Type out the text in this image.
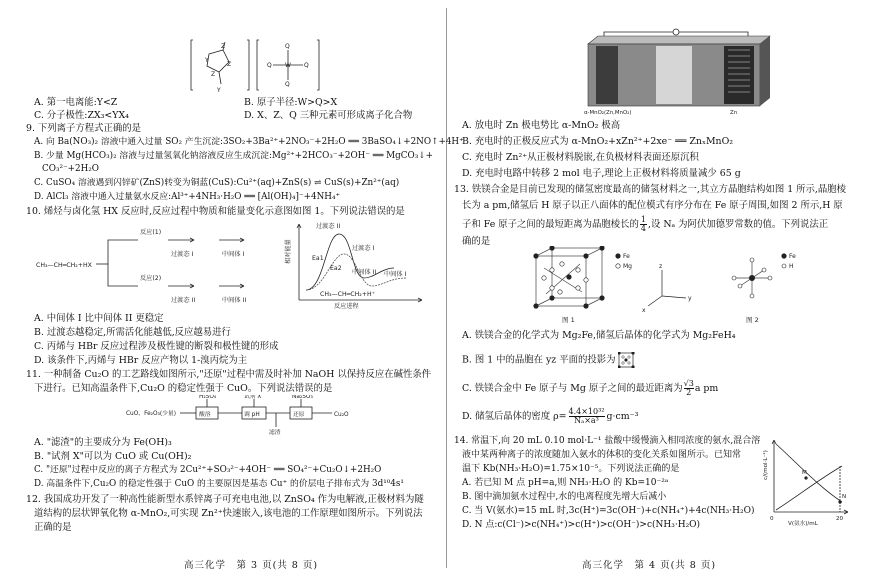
Z
Y
Z
Z
Y
Q
Q W Q
Q
A. 第一电离能:Y<Z	B. 原子半径:W>Q>X
C. 分子极性:ZX₃<YX₄	D. X、Z、Q 三种元素可形成离子化合物
9. 下列离子方程式正确的是
A. 向 Ba(NO₃)₂ 溶液中通入过量 SO₂ 产生沉淀:3SO₂+3Ba²⁺+2NO₃⁻+2H₂O ══ 3BaSO₄↓+2NO↑+4H⁺
B. 少量 Mg(HCO₃)₂ 溶液与过量氢氧化钠溶液反应生成沉淀:Mg²⁺+2HCO₃⁻+2OH⁻ ══ MgCO₃↓+
CO₃²⁻+2H₂O
C. CuSO₄ 溶液遇到闪锌矿(ZnS)转变为铜蓝(CuS):Cu²⁺(aq)+ZnS(s) ⇌ CuS(s)+Zn²⁺(aq)
D. AlCl₃ 溶液中通入过量氨水反应:Al³⁺+4NH₃·H₂O ══ [Al(OH)₄]⁻+4NH₄⁺
10. 烯烃与卤化氢 HX 反应时,反应过程中物质和能量变化示意图如图 1。下列说法错误的是
反应(1)
反应(2)
CH₃—CH═CH₂+HX
过渡态 I	中间体 I
过渡态 II	中间体 II
相对能量
过渡态 II
过渡态 I
中间体 II 中间体 I
Ea1
Ea2
CH₃—CH═CH₂+H⁺
反应进程
A. 中间体 I 比中间体 II 更稳定
B. 过渡态越稳定,所需活化能越低,反应越易进行
C. 丙烯与 HBr 反应过程涉及极性键的断裂和极性键的形成
D. 该条件下,丙烯与 HBr 反应产物以 1-溴丙烷为主
11. 一种制备 Cu₂O 的工艺路线如图所示,"还原"过程中需及时补加 NaOH 以保持反应在碱性条件
下进行。已知高温条件下,Cu₂O 的稳定性强于 CuO。下列说法错误的是
CuO、Fe₂O₃(少量)
H₂SO₄	试剂 X	Na₂SO₃
酸溶	调 pH	还原
滤渣
Cu₂O
A. "滤渣"的主要成分为 Fe(OH)₃
B. "试剂 X"可以为 CuO 或 Cu(OH)₂
C. "还原"过程中反应的离子方程式为 2Cu²⁺+SO₃²⁻+4OH⁻ ══ SO₄²⁻+Cu₂O↓+2H₂O
D. 高温条件下,Cu₂O 的稳定性强于 CuO 的主要原因是基态 Cu⁺ 的价层电子排布式为 3d¹⁰4s¹
12. 我国成功开发了一种高性能新型水系锌离子可充电电池,以 ZnSO₄ 作为电解液,正极材料为隧
道结构的层状钾氧化物 α-MnO₂,可实现 Zn²⁺快速嵌入,该电池的工作原理如图所示。下列说法
正确的是
高三化学　第 3 页(共 8 页)
α-MnO₂(Zn,MnO₂)	Zn
A. 放电时 Zn 极电势比 α-MnO₂ 极高
B. 充电时的正极反应式为 α-MnO₂+xZn²⁺+2xe⁻ ══ ZnₓMnO₂
C. 充电时 Zn²⁺从正极材料脱嵌,在负极材料表面还原沉积
D. 充电时电路中转移 2 mol 电子,理论上正极材料将质量减少 65 g
13. 铁镁合金是目前已发现的储氢密度最高的储氢材料之一,其立方晶胞结构如图 1 所示,晶胞棱
长为 a pm,储氢后 H 原子以正八面体的配位模式有序分布在 Fe 原子周围,如图 2 所示,H 原
子和 Fe 原子之间的最短距离为晶胞棱长的 $\frac{1}{4}$ ,设 Nₐ 为阿伏加德罗常数的值。下列说法正
确的是
Fe
Mg	z
y
x
Fe
H
图 1	图 2
A. 铁镁合金的化学式为 Mg₂Fe,储氢后晶体的化学式为 Mg₂FeH₄
B. 图 1 中的晶胞在 yz 平面的投影为
C. 铁镁合金中 Fe 原子与 Mg 原子之间的最近距离为 $\frac{√3}{2}$ a pm
D. 储氢后晶体的密度 $\rho= \frac{\text{4.4×10³²}}{\text{Nₐ×a³}} g\cdot cm^{-3}$
14. 常温下,向 20 mL 0.10 mol·L⁻¹ 盐酸中缓慢滴入相同浓度的氨水,混合溶
液中某两种离子的浓度随加入氨水的体积的变化关系如图所示。已知常
温下 Kb(NH₃·H₂O)=1.75×10⁻⁵。下列说法正确的是
A. 若已知 M 点 pH=a,则 NH₃·H₂O 的 Kb=10⁻²ᵃ
B. 图中滴加氨水过程中,水的电离程度先增大后减小
C. 当 V(氨水)=15 mL 时,3c(H⁺)=3c(OH⁻)+c(NH₄⁺)+4c(NH₃·H₂O)
D. N 点:c(Cl⁻)>c(NH₄⁺)>c(H⁺)>c(OH⁻)>c(NH₃·H₂O)
c/(mol·L⁻¹)
0	20
V(氨水)/mL
M
N
高三化学　第 4 页(共 8 页)
